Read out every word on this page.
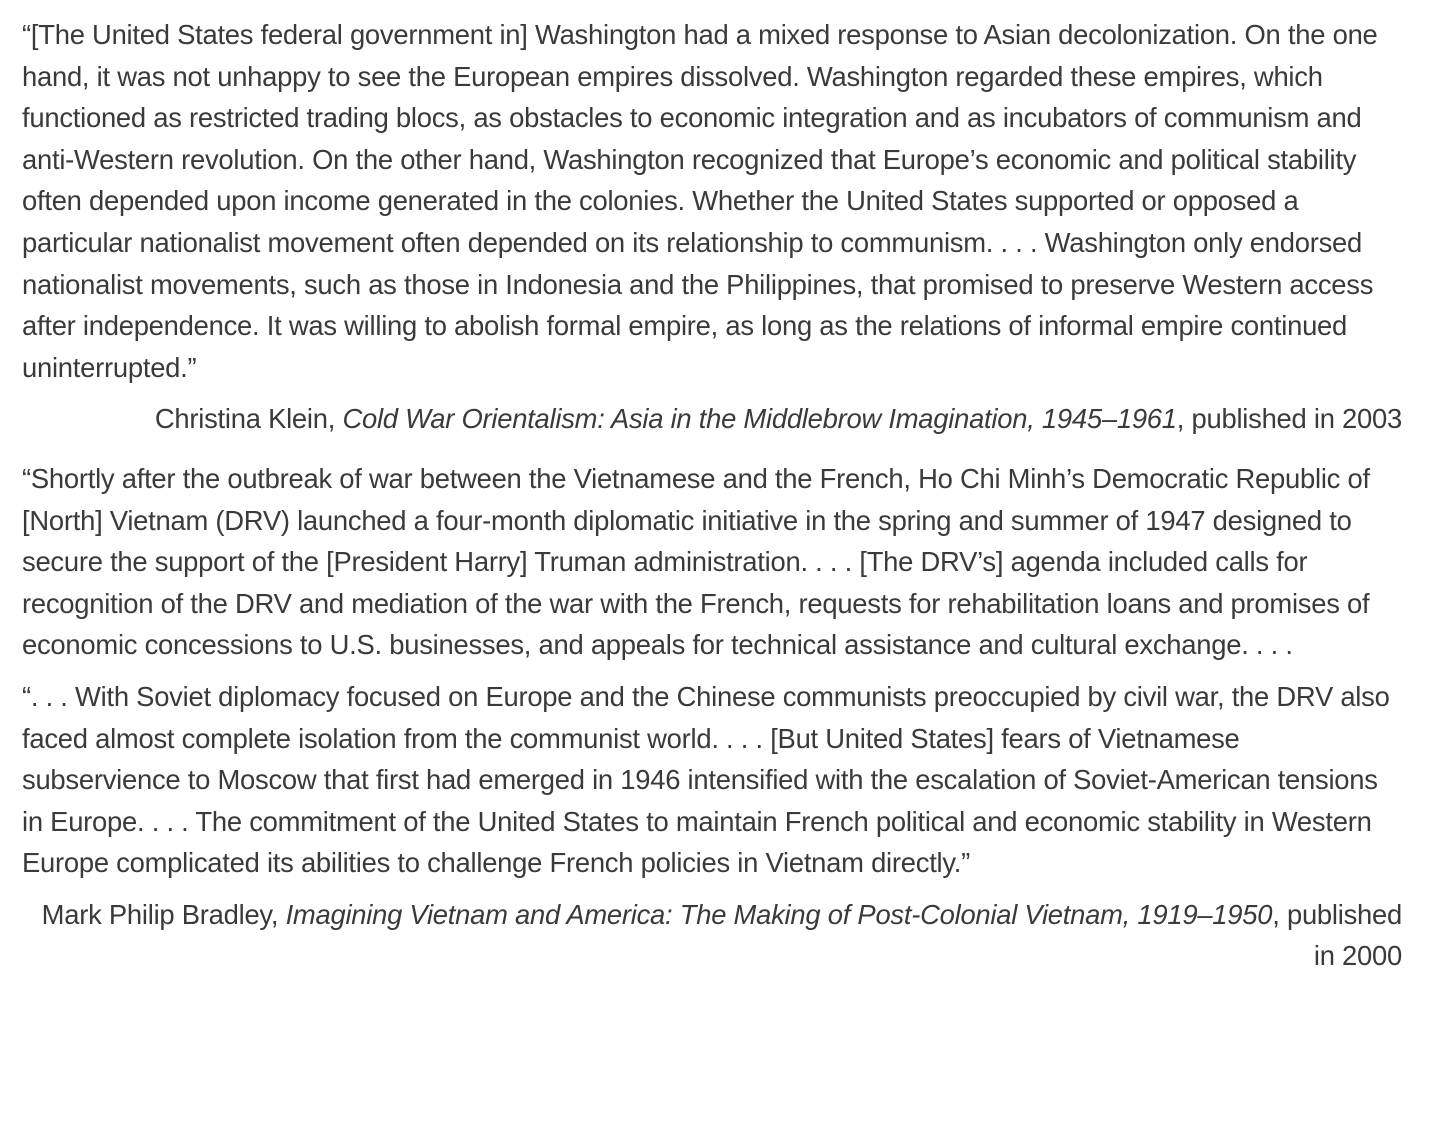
“[The United States federal government in] Washington had a mixed response to Asian decolonization. On the one hand, it was not unhappy to see the European empires dissolved. Washington regarded these empires, which functioned as restricted trading blocs, as obstacles to economic integration and as incubators of communism and anti-Western revolution. On the other hand, Washington recognized that Europe’s economic and political stability often depended upon income generated in the colonies. Whether the United States supported or opposed a particular nationalist movement often depended on its relationship to communism. . . . Washington only endorsed nationalist movements, such as those in Indonesia and the Philippines, that promised to preserve Western access after independence. It was willing to abolish formal empire, as long as the relations of informal empire continued uninterrupted.”

Christina Klein, Cold War Orientalism: Asia in the Middlebrow Imagination, 1945–1961, published in 2003

“Shortly after the outbreak of war between the Vietnamese and the French, Ho Chi Minh’s Democratic Republic of [North] Vietnam (DRV) launched a four-month diplomatic initiative in the spring and summer of 1947 designed to secure the support of the [President Harry] Truman administration. . . . [The DRV’s] agenda included calls for recognition of the DRV and mediation of the war with the French, requests for rehabilitation loans and promises of economic concessions to U.S. businesses, and appeals for technical assistance and cultural exchange. . . .

“. . . With Soviet diplomacy focused on Europe and the Chinese communists preoccupied by civil war, the DRV also faced almost complete isolation from the communist world. . . . [But United States] fears of Vietnamese subservience to Moscow that first had emerged in 1946 intensified with the escalation of Soviet-American tensions in Europe. . . . The commitment of the United States to maintain French political and economic stability in Western Europe complicated its abilities to challenge French policies in Vietnam directly.”

Mark Philip Bradley, Imagining Vietnam and America: The Making of Post-Colonial Vietnam, 1919–1950, published in 2000
